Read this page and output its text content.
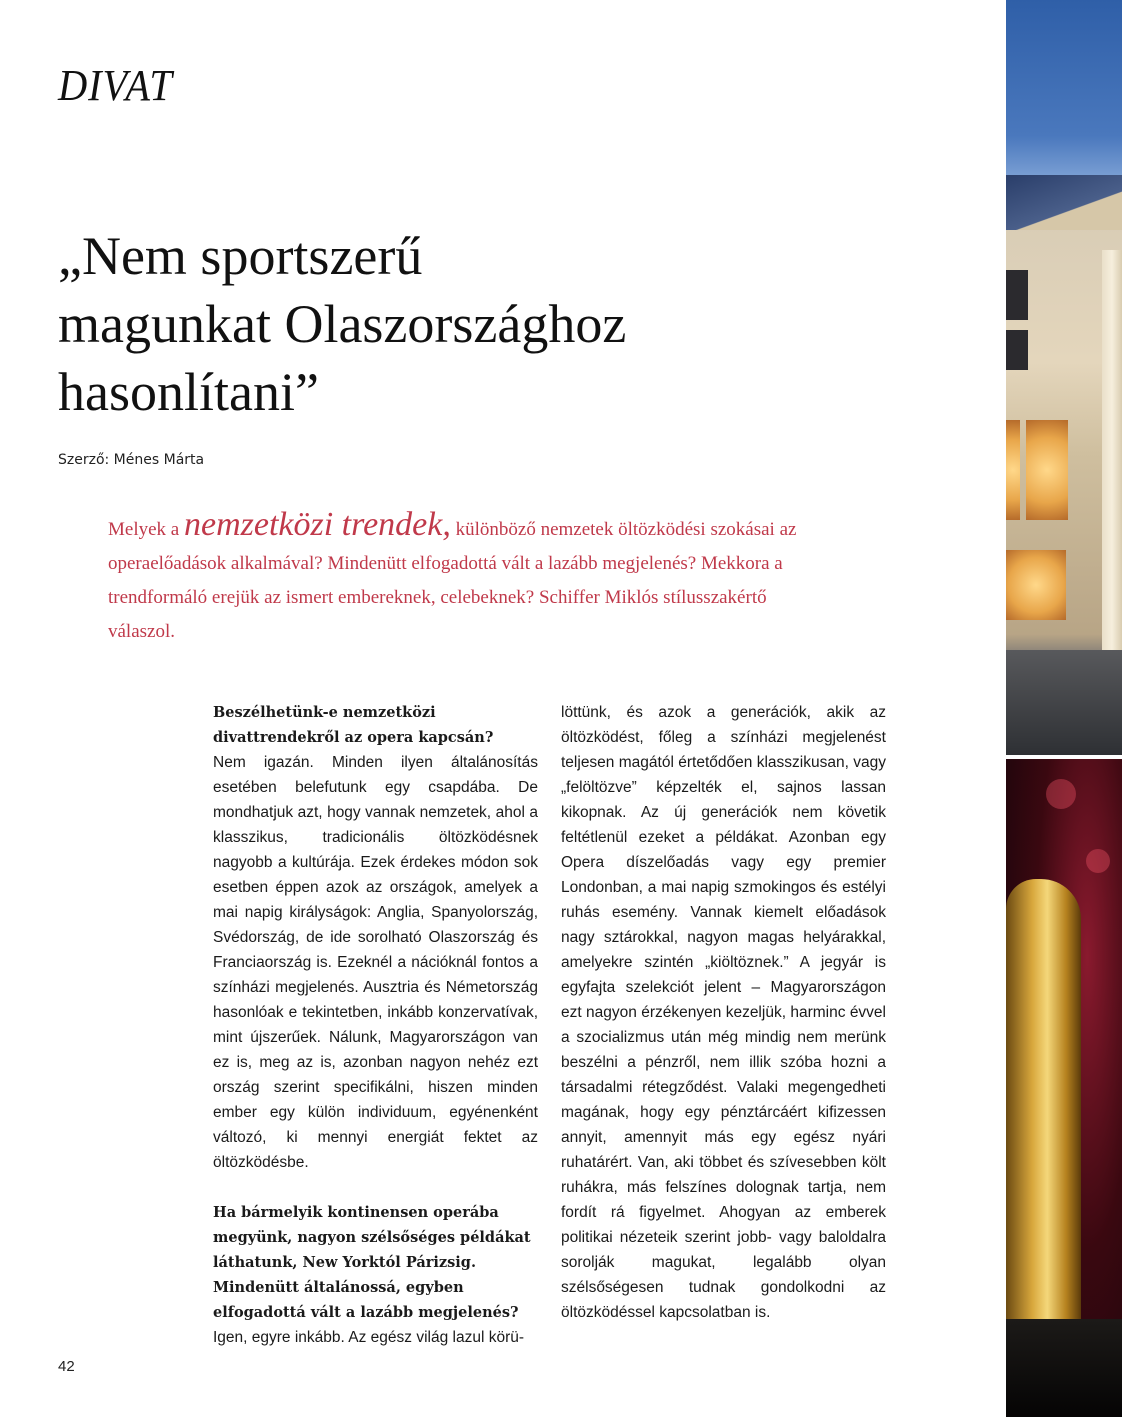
DIVAT
„Nem sportszerű
magunkat Olaszországhoz
hasonlítani”
Szerző: Ménes Márta
Melyek a nemzetközi trendek, különböző nemzetek öltözködési szokásai az operaelőadások alkalmával? Mindenütt elfogadottá vált a lazább megjelenés? Mekkora a trendformáló erejük az ismert embereknek, celebeknek? Schiffer Miklós stílusszakértő válaszol.
Beszélhetünk-e nemzetközi divattrendekről az opera kapcsán?
Nem igazán. Minden ilyen általánosítás esetében belefutunk egy csapdába. De mondhatjuk azt, hogy vannak nemzetek, ahol a klasszikus, tradicionális öltözködésnek nagyobb a kultúrája. Ezek érdekes módon sok esetben éppen azok az országok, amelyek a mai napig királyságok: Anglia, Spanyolország, Svédország, de ide sorolható Olaszország és Franciaország is. Ezeknél a nációknál fontos a színházi megjelenés. Ausztria és Németország hasonlóak e tekintetben, inkább konzervatívak, mint újszerűek. Nálunk, Magyarországon van ez is, meg az is, azonban nagyon nehéz ezt ország szerint specifikálni, hiszen minden ember egy külön individuum, egyénenként változó, ki mennyi energiát fektet az öltözködésbe.
Ha bármelyik kontinensen operába megyünk, nagyon szélsőséges példákat láthatunk, New Yorktól Párizsig. Mindenütt általánossá, egyben elfogadottá vált a lazább megjelenés?
Igen, egyre inkább. Az egész világ lazul körü-
löttünk, és azok a generációk, akik az öltözködést, főleg a színházi megjelenést teljesen magától értetődően klasszikusan, vagy „felöltözve” képzelték el, sajnos lassan kikopnak. Az új generációk nem követik feltétlenül ezeket a példákat. Azonban egy Opera díszelőadás vagy egy premier Londonban, a mai napig szmokingos és estélyi ruhás esemény. Vannak kiemelt előadások nagy sztárokkal, nagyon magas helyárakkal, amelyekre szintén „kiöltöznek.” A jegyár is egyfajta szelekciót jelent – Magyarországon ezt nagyon érzékenyen kezeljük, harminc évvel a szocializmus után még mindig nem merünk beszélni a pénzről, nem illik szóba hozni a társadalmi rétegződést. Valaki megengedheti magának, hogy egy pénztárcáért kifizessen annyit, amennyit más egy egész nyári ruhatárért. Van, aki többet és szívesebben költ ruhákra, más felszínes dolognak tartja, nem fordít rá figyelmet. Ahogyan az emberek politikai nézeteik szerint jobb- vagy baloldalra sorolják magukat, legalább olyan szélsőségesen tudnak gondolkodni az öltözködéssel kapcsolatban is.
42
